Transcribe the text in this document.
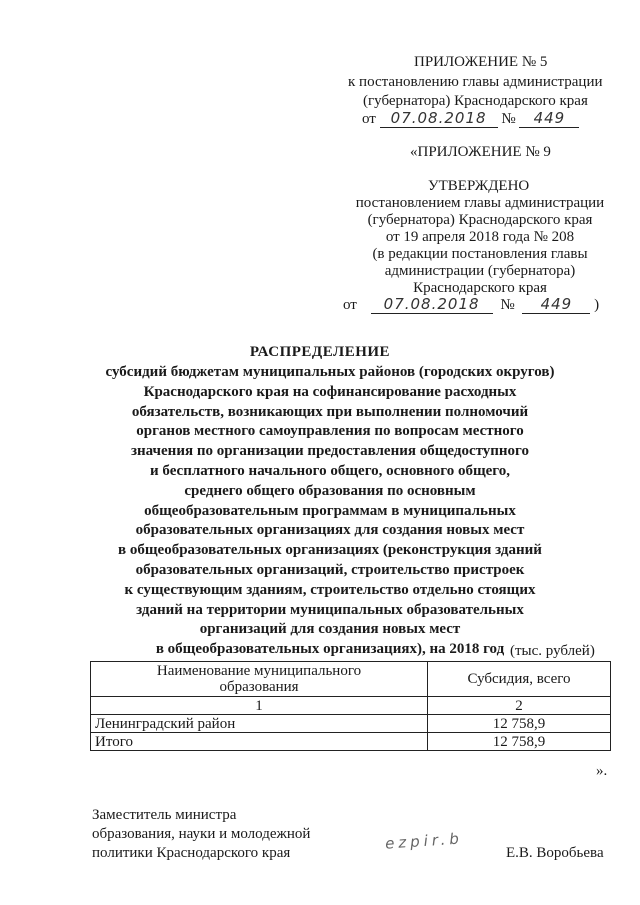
ПРИЛОЖЕНИЕ № 5
к постановлению главы администрации
(губернатора) Краснодарского края
от 07.08.2018 № 449
«ПРИЛОЖЕНИЕ № 9
УТВЕРЖДЕНО
постановлением главы администрации
(губернатора) Краснодарского края
от 19 апреля 2018 года № 208
(в редакции постановления главы
администрации (губернатора)
Краснодарского края
от 07.08.2018 № 449 )
РАСПРЕДЕЛЕНИЕ
субсидий бюджетам муниципальных районов (городских округов)
Краснодарского края на софинансирование расходных
обязательств, возникающих при выполнении полномочий
органов местного самоуправления по вопросам местного
значения по организации предоставления общедоступного
и бесплатного начального общего, основного общего,
среднего общего образования по основным
общеобразовательным программам в муниципальных
образовательных организациях для создания новых мест
в общеобразовательных организациях (реконструкция зданий
образовательных организаций, строительство пристроек
к существующим зданиям, строительство отдельно стоящих
зданий на территории муниципальных образовательных
организаций для создания новых мест
в общеобразовательных организациях), на 2018 год (тыс. рублей)
Наименование муниципального образования	Субсидия, всего
1	2
Ленинградский район	12 758,9
Итого	12 758,9
».
Заместитель министра
образования, науки и молодежной
политики Краснодарского края
ezpir.b
Е.В. Воробьева
